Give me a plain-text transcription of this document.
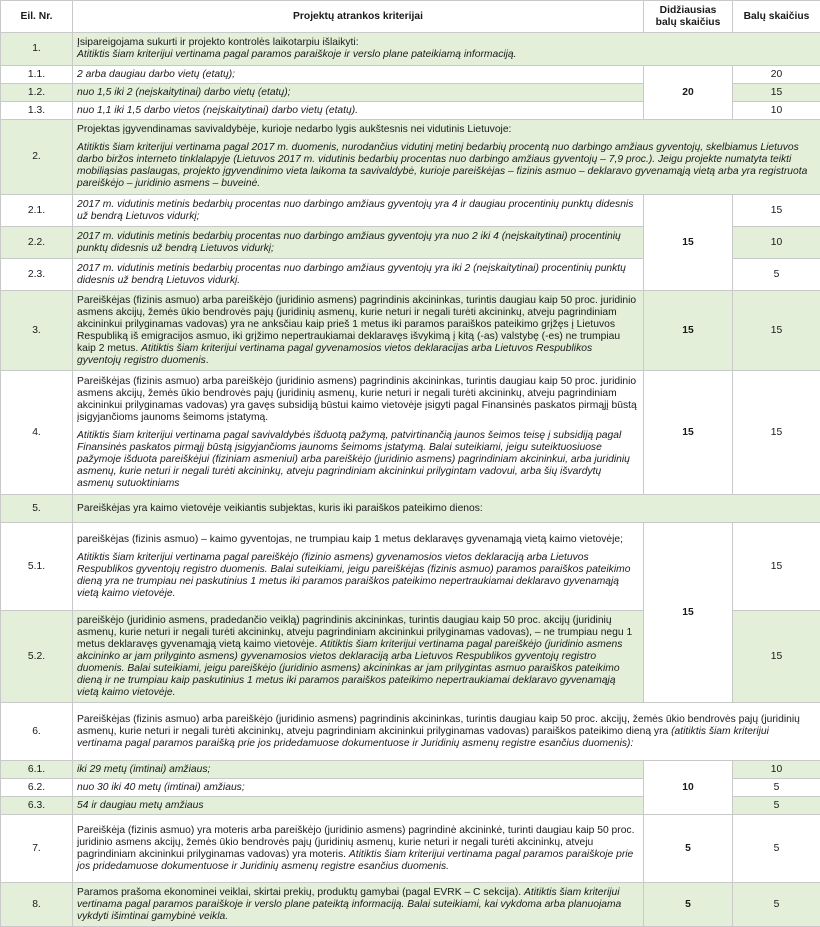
Eil. Nr.	Projektų atrankos kriterijai	Didžiausias balų skaičius	Balų skaičius
1.	Įsipareigojama sukurti ir projekto kontrolės laikotarpiu išlaikyti:

Atitiktis šiam kriterijui vertinama pagal paramos paraiškoje ir verslo plane pateikiamą informaciją.		

1.1.	2 arba daugiau darbo vietų (etatų);	20	20
1.2.	nuo 1,5 iki 2 (neįskaitytinai) darbo vietų (etatų);		15
1.3.	nuo 1,1 iki 1,5 darbo vietos (neįskaitytinai) darbo vietų (etatų).		10
2.	Projektas įgyvendinamas savivaldybėje, kurioje nedarbo lygis aukštesnis nei vidutinis Lietuvoje:

Atitiktis šiam kriterijui vertinama pagal 2017 m. duomenis, nurodančius vidutinį metinį bedarbių procentą nuo darbingo amžiaus gyventojų, skelbiamus Lietuvos darbo biržos interneto tinklalapyje (Lietuvos 2017 m. vidutinis bedarbių procentas nuo darbingo amžiaus gyventojų – 7,9 proc.). Jeigu projekte numatyta teikti mobiliąsias paslaugas, projekto įgyvendinimo vieta laikoma ta savivaldybė, kurioje pareiškėjas – fizinis asmuo – deklaravo gyvenamąją vietą arba yra registruota pareiškėjo – juridinio asmens – buveinė.		

2.1.	2017 m. vidutinis metinis bedarbių procentas nuo darbingo amžiaus gyventojų yra 4 ir daugiau procentinių punktų didesnis už bendrą Lietuvos vidurkį;	15	15
2.2.	2017 m. vidutinis metinis bedarbių procentas nuo darbingo amžiaus gyventojų yra nuo 2 iki 4 (neįskaitytinai) procentinių punktų didesnis už bendrą Lietuvos vidurkį;		10
2.3.	2017 m. vidutinis metinis bedarbių procentas nuo darbingo amžiaus gyventojų yra iki 2 (neįskaitytinai) procentinių punktų didesnis už bendrą Lietuvos vidurkį.		5
3.	Pareiškėjas (fizinis asmuo) arba pareiškėjo (juridinio asmens) pagrindinis akcininkas, turintis daugiau kaip 50 proc. juridinio asmens akcijų, žemės ūkio bendrovės pajų (juridinių asmenų, kurie neturi ir negali turėti akcininkų, atveju pagrindiniam akcininkui prilyginamas vadovas) yra ne anksčiau kaip prieš 1 metus iki paramos paraiškos pateikimo grįžęs į Lietuvos Respubliką iš emigracijos asmuo, iki grįžimo nepertraukiamai deklaravęs išvykimą į kitą (-as) valstybę (-es) ne trumpiau kaip 2 metus. Atitiktis šiam kriterijui vertinama pagal gyvenamosios vietos deklaracijas arba Lietuvos Respublikos gyventojų registro duomenis.	15	15
4.	Pareiškėjas (fizinis asmuo) arba pareiškėjo (juridinio asmens) pagrindinis akcininkas, turintis daugiau kaip 50 proc. juridinio asmens akcijų, žemės ūkio bendrovės pajų (juridinių asmenų, kurie neturi ir negali turėti akcininkų, atveju pagrindiniam akcininkui prilyginamas vadovas) yra gavęs subsidiją būstui kaimo vietovėje įsigyti pagal Finansinės paskatos pirmąjį būstą įsigyjančioms jaunoms šeimoms įstatymą.

Atitiktis šiam kriterijui vertinama pagal savivaldybės išduotą pažymą, patvirtinančią jaunos šeimos teisę į subsidiją pagal Finansinės paskatos pirmąjį būstą įsigyjančioms jaunoms šeimoms įstatymą. Balai suteikiami, jeigu suteiktuosiuose pažymoje išduota pareiškėjui (fiziniam asmeniui) arba pareiškėjo (juridinio asmens) pagrindiniam akcininkui, arba juridinių asmenų, kurie neturi ir negali turėti akcininkų, atveju pagrindiniam akcininkui prilygintam vadovui, arba šių išvardytų asmenų sutuoktiniams	15	15
5.	Pareiškėjas yra kaimo vietovėje veikiantis subjektas, kuris iki paraiškos pateikimo dienos:		
5.1.	pareiškėjas (fizinis asmuo) – kaimo gyventojas, ne trumpiau kaip 1 metus deklaravęs gyvenamąją vietą kaimo vietovėje;

Atitiktis šiam kriterijui vertinama pagal pareiškėjo (fizinio asmens) gyvenamosios vietos deklaraciją arba Lietuvos Respublikos gyventojų registro duomenis. Balai suteikiami, jeigu pareiškėjas (fizinis asmuo) paramos paraiškos pateikimo dieną yra ne trumpiau nei paskutinius 1 metus iki paramos paraiškos pateikimo nepertraukiamai deklaravo gyvenamąją vietą kaimo vietovėje.	15	15
5.2.	pareiškėjo (juridinio asmens, pradedančio veiklą) pagrindinis akcininkas, turintis daugiau kaip 50 proc. akcijų (juridinių asmenų, kurie neturi ir negali turėti akcininkų, atveju pagrindiniam akcininkui prilyginamas vadovas), – ne trumpiau negu 1 metus deklaravęs gyvenamąją vietą kaimo vietovėje. Atitiktis šiam kriterijui vertinama pagal pareiškėjo (juridinio asmens akcininko ar jam prilyginto asmens) gyvenamosios vietos deklaraciją arba Lietuvos Respublikos gyventojų registro duomenis. Balai suteikiami, jeigu pareiškėjo (juridinio asmens) akcininkas ar jam prilygintas asmuo paraiškos pateikimo dieną ir ne trumpiau kaip paskutinius 1 metus iki paramos paraiškos pateikimo nepertraukiamai deklaravo gyvenamąją vietą kaimo vietovėje.		15
6.	Pareiškėjas (fizinis asmuo) arba pareiškėjo (juridinio asmens) pagrindinis akcininkas, turintis daugiau kaip 50 proc. akcijų, žemės ūkio bendrovės pajų (juridinių asmenų, kurie neturi ir negali turėti akcininkų, atveju pagrindiniam akcininkui prilyginamas vadovas) paraiškos pateikimo dieną yra (atitiktis šiam kriterijui vertinama pagal paramos paraišką prie jos pridedamuose dokumentuose ir Juridinių asmenų registre esančius duomenis):		
6.1.	iki 29 metų (imtinai) amžiaus;	10	10
6.2.	nuo 30 iki 40 metų (imtinai) amžiaus;		5
6.3.	54 ir daugiau metų amžiaus		5
7.	Pareiškėja (fizinis asmuo) yra moteris arba pareiškėjo (juridinio asmens) pagrindinė akcininkė, turinti daugiau kaip 50 proc. juridinio asmens akcijų, žemės ūkio bendrovės pajų (juridinių asmenų, kurie neturi ir negali turėti akcininkų, atveju pagrindiniam akcininkui prilyginamas vadovas) yra moteris. Atitiktis šiam kriterijui vertinama pagal paramos paraiškoje prie jos pridedamuose dokumentuose ir Juridinių asmenų registre esančius duomenis.	5	5
8.	Paramos prašoma ekonominei veiklai, skirtai prekių, produktų gamybai (pagal EVRK – C sekcija). Atitiktis šiam kriterijui vertinama pagal paramos paraiškoje ir verslo plane pateiktą informaciją. Balai suteikiami, kai vykdoma arba planuojama vykdyti išimtinai gamybinė veikla.	5	5
